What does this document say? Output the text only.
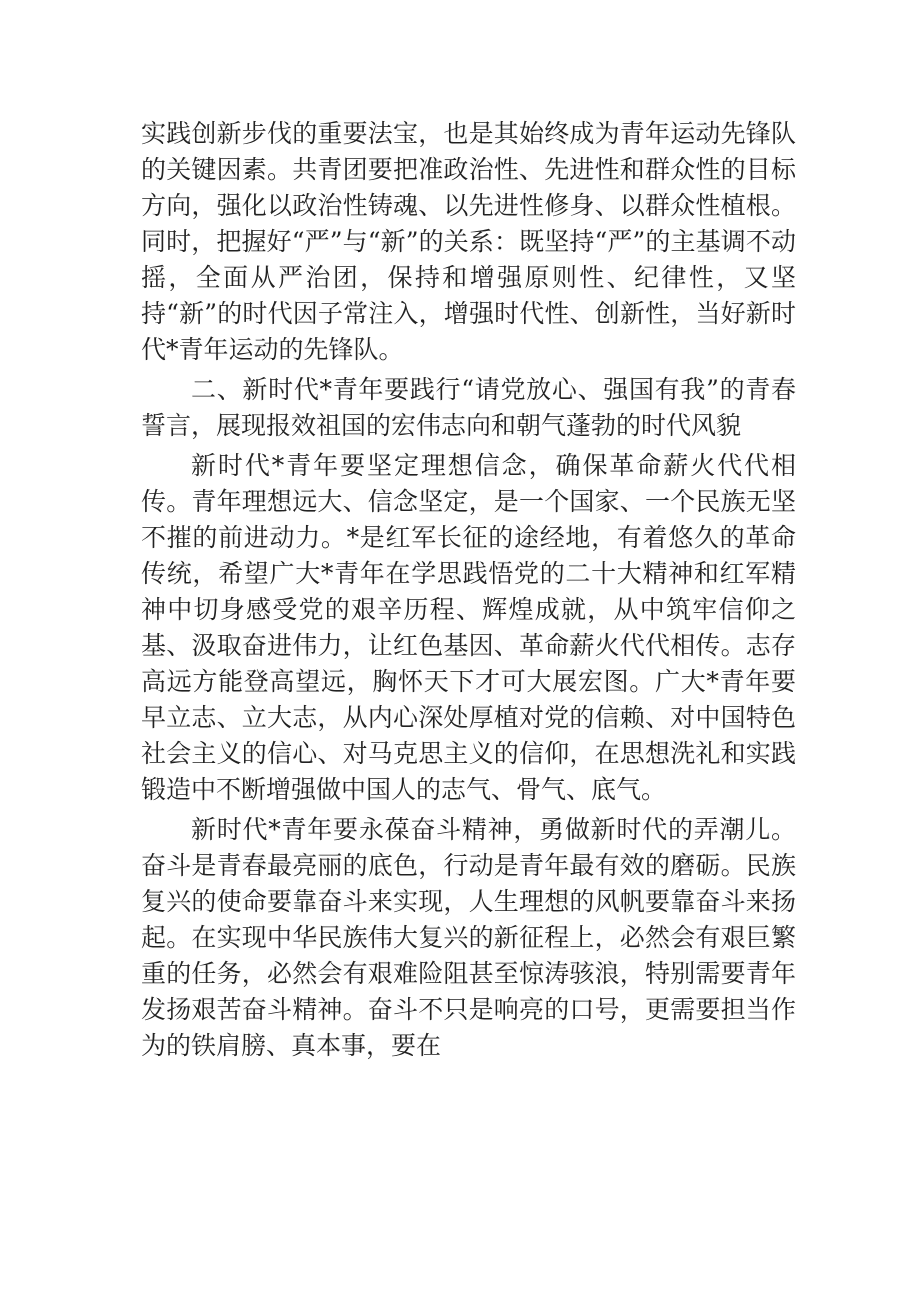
实践创新步伐的重要法宝，也是其始终成为青年运动先锋队的关键因素。共青团要把准政治性、先进性和群众性的目标方向，强化以政治性铸魂、以先进性修身、以群众性植根。同时，把握好“严”与“新”的关系：既坚持“严”的主基调不动摇，全面从严治团，保持和增强原则性、纪律性，又坚持“新”的时代因子常注入，增强时代性、创新性，当好新时代*青年运动的先锋队。

二、新时代*青年要践行“请党放心、强国有我”的青春誓言，展现报效祖国的宏伟志向和朝气蓬勃的时代风貌

新时代*青年要坚定理想信念，确保革命薪火代代相传。青年理想远大、信念坚定，是一个国家、一个民族无坚不摧的前进动力。*是红军长征的途经地，有着悠久的革命传统，希望广大*青年在学思践悟党的二十大精神和红军精神中切身感受党的艰辛历程、辉煌成就，从中筑牢信仰之基、汲取奋进伟力，让红色基因、革命薪火代代相传。志存高远方能登高望远，胸怀天下才可大展宏图。广大*青年要早立志、立大志，从内心深处厚植对党的信赖、对中国特色社会主义的信心、对马克思主义的信仰，在思想洗礼和实践锻造中不断增强做中国人的志气、骨气、底气。

新时代*青年要永葆奋斗精神，勇做新时代的弄潮儿。奋斗是青春最亮丽的底色，行动是青年最有效的磨砺。民族复兴的使命要靠奋斗来实现，人生理想的风帆要靠奋斗来扬起。在实现中华民族伟大复兴的新征程上，必然会有艰巨繁重的任务，必然会有艰难险阻甚至惊涛骇浪，特别需要青年发扬艰苦奋斗精神。奋斗不只是响亮的口号，更需要担当作为的铁肩膀、真本事，要在
